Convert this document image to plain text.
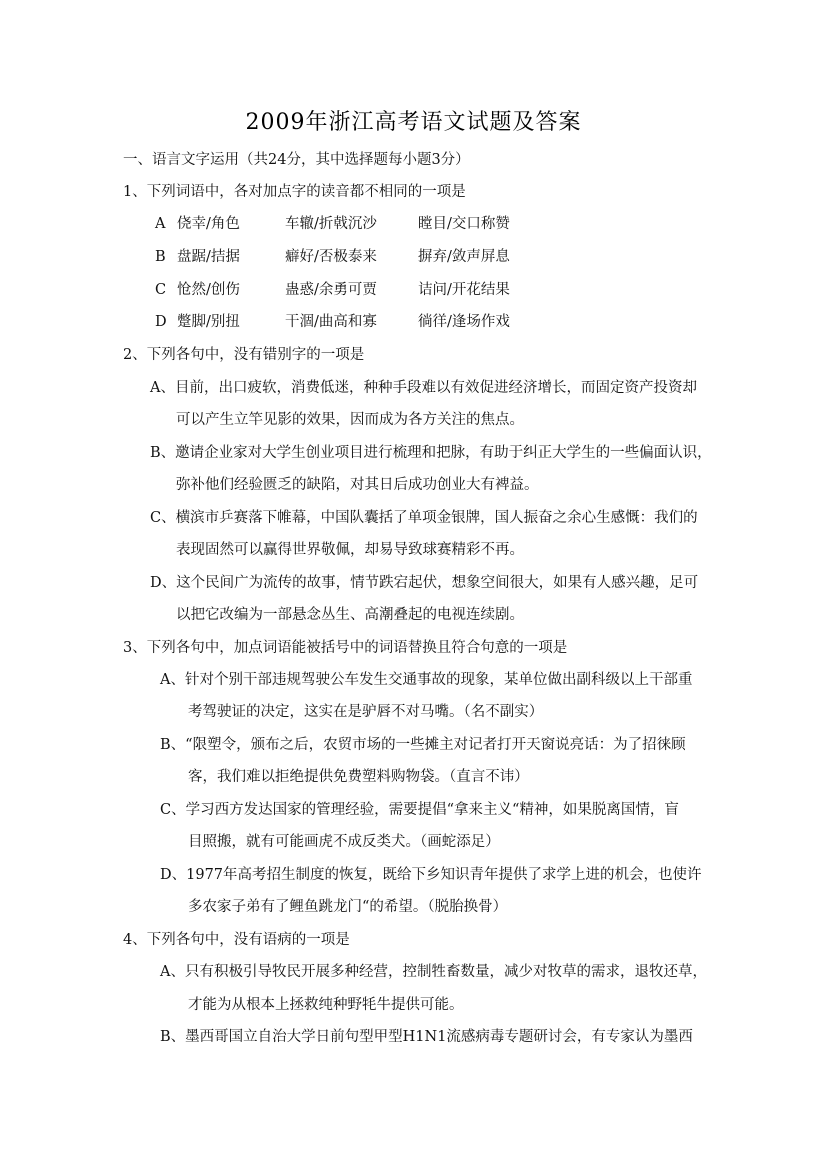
2009年浙江高考语文试题及答案
一、语言文字运用（共24分，其中选择题每小题3分）
1、下列词语中，各对加点字的读音都不相同的一项是
A 侥幸/角色	车辙/折戟沉沙	瞠目/交口称赞
B 盘踞/拮据	癖好/否极泰来	摒弃/敛声屏息
C 怆然/创伤	蛊惑/余勇可贾	诘问/开花结果
D 蹩脚/别扭	干涸/曲高和寡	徜徉/逢场作戏
2、下列各句中，没有错别字的一项是
A、目前，出口疲软，消费低迷，种种手段难以有效促进经济增长，而固定资产投资却
可以产生立竿见影的效果，因而成为各方关注的焦点。
B、邀请企业家对大学生创业项目进行梳理和把脉，有助于纠正大学生的一些偏面认识，
弥补他们经验匮乏的缺陷，对其日后成功创业大有裨益。
C、横滨市乒赛落下帷幕，中国队囊括了单项金银牌，国人振奋之余心生感慨：我们的
表现固然可以赢得世界敬佩，却易导致球赛精彩不再。
D、这个民间广为流传的故事，情节跌宕起伏，想象空间很大，如果有人感兴趣，足可
以把它改编为一部悬念丛生、高潮叠起的电视连续剧。
3、下列各句中，加点词语能被括号中的词语替换且符合句意的一项是
A、针对个别干部违规驾驶公车发生交通事故的现象，某单位做出副科级以上干部重
考驾驶证的决定，这实在是驴唇不对马嘴。（名不副实）
B、“限塑令，颁布之后，农贸市场的一些摊主对记者打开天窗说亮话：为了招徕顾
客，我们难以拒绝提供免费塑料购物袋。（直言不讳）
C、学习西方发达国家的管理经验，需要提倡“拿来主义“精神，如果脱离国情，盲
目照搬，就有可能画虎不成反类犬。（画蛇添足）
D、1977年高考招生制度的恢复，既给下乡知识青年提供了求学上进的机会，也使许
多农家子弟有了鲤鱼跳龙门“的希望。（脱胎换骨）
4、下列各句中，没有语病的一项是
A、只有积极引导牧民开展多种经营，控制牲畜数量，减少对牧草的需求，退牧还草，
才能为从根本上拯救纯种野牦牛提供可能。
B、墨西哥国立自治大学日前句型甲型H1N1流感病毒专题研讨会，有专家认为墨西
